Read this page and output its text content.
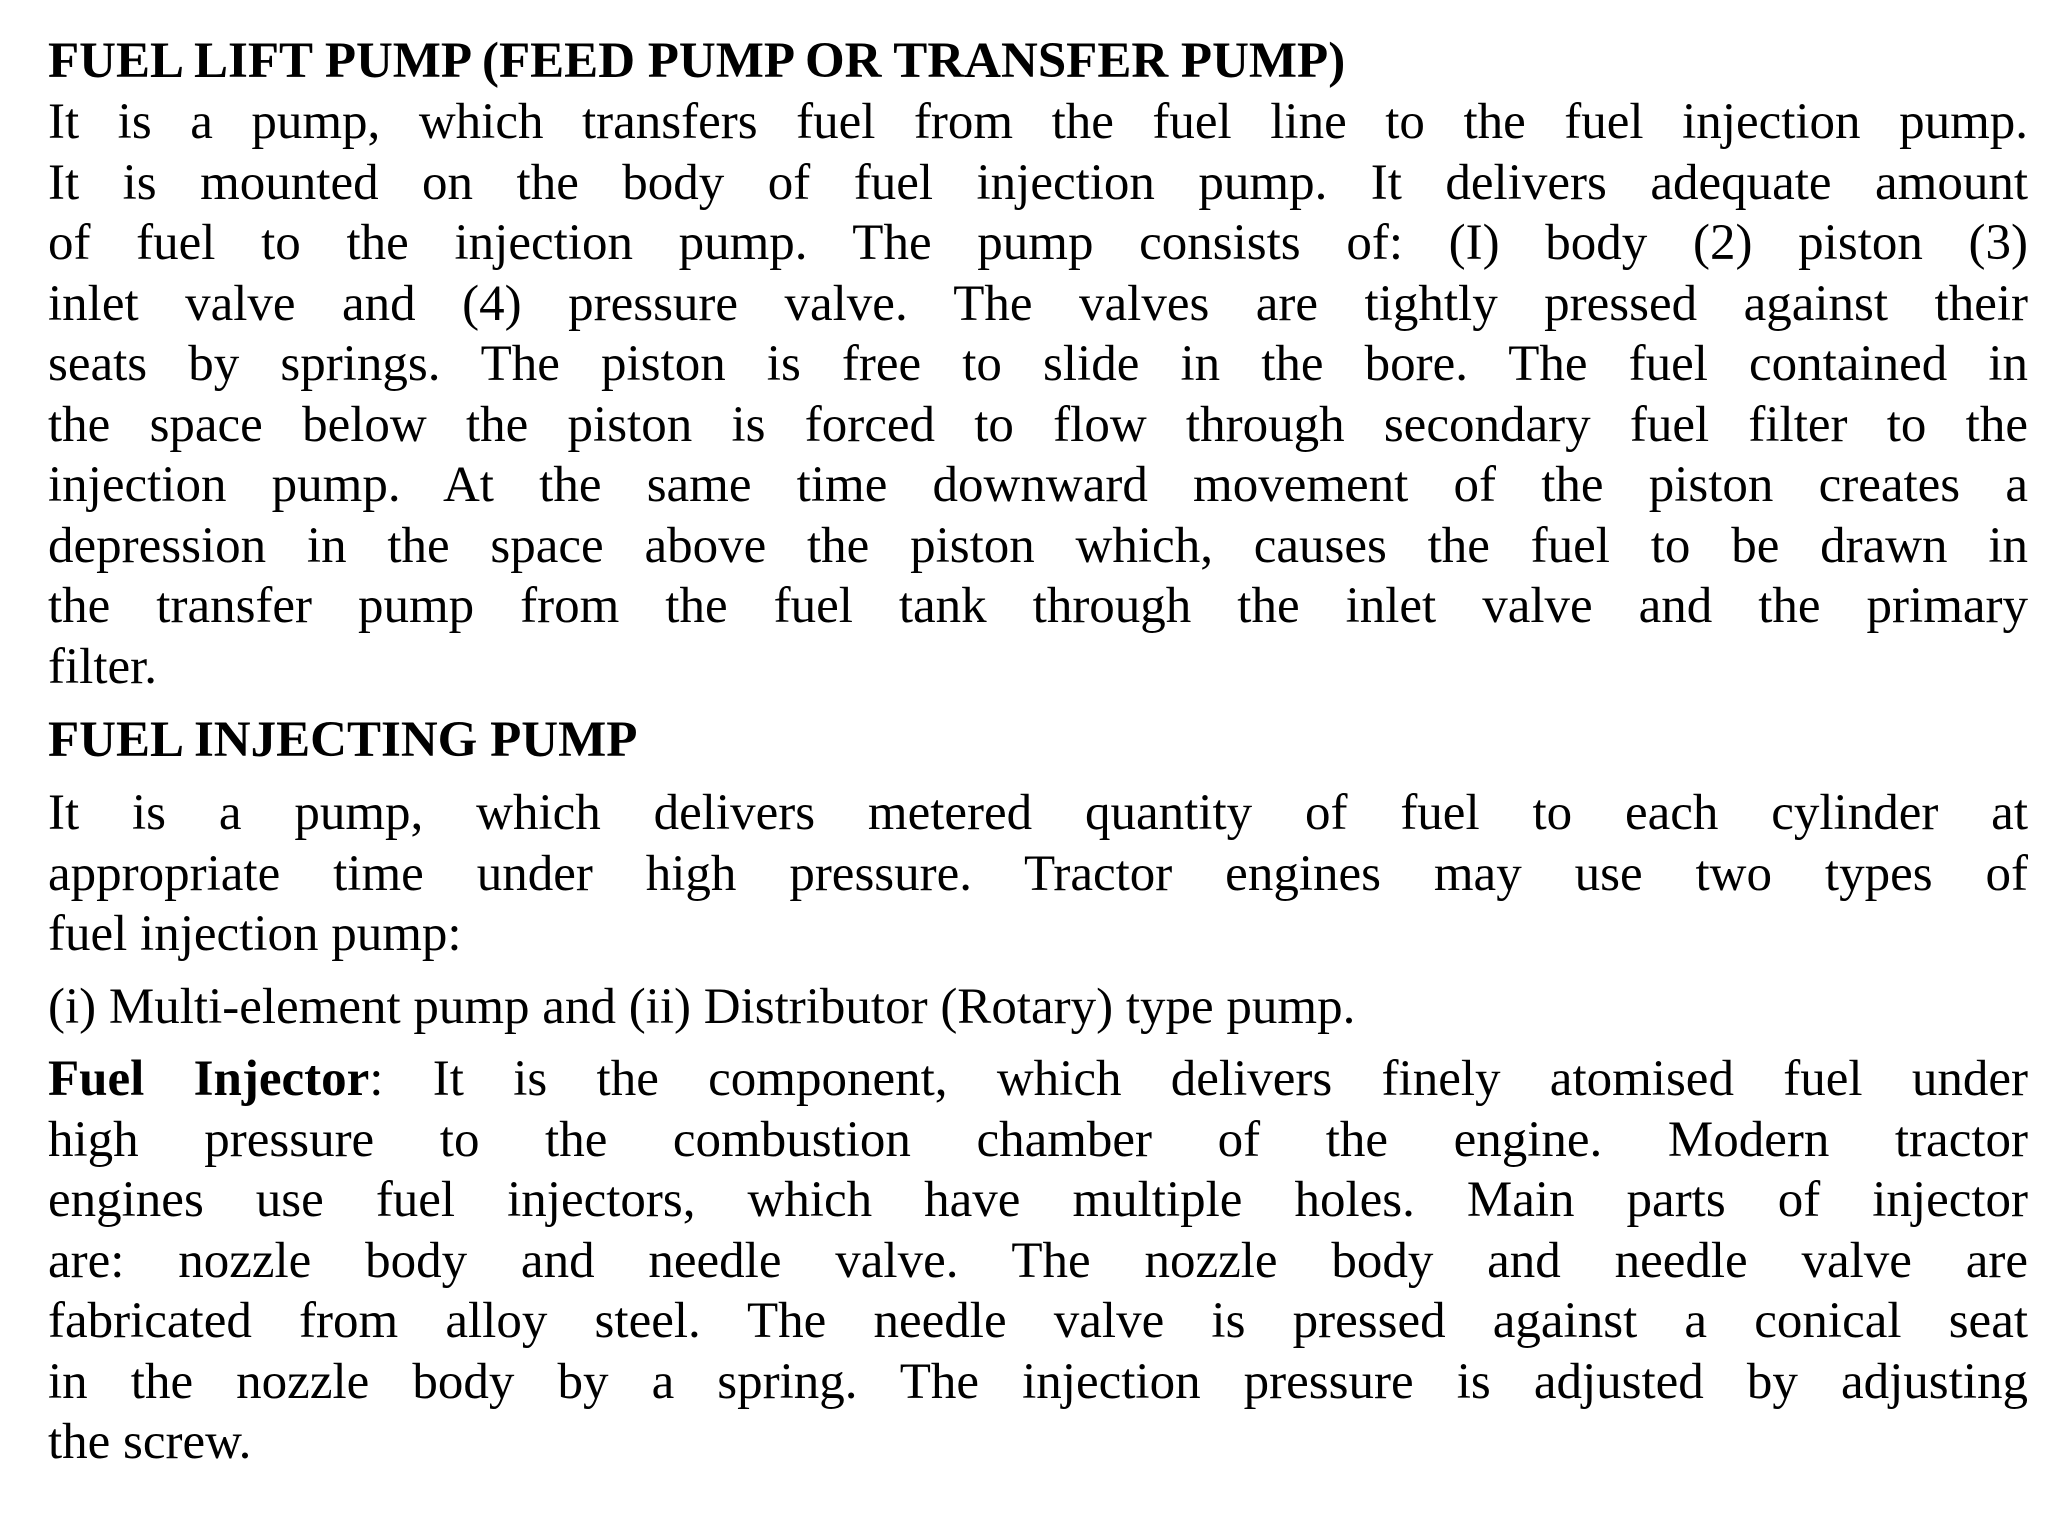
FUEL LIFT PUMP (FEED PUMP OR TRANSFER PUMP)

It is a pump, which transfers fuel from the fuel line to the fuel injection pump.
It is mounted on the body of fuel injection pump. It delivers adequate amount
of fuel to the injection pump. The pump consists of: (I) body (2) piston (3)
inlet valve and (4) pressure valve. The valves are tightly pressed against their
seats by springs. The piston is free to slide in the bore. The fuel contained in
the space below the piston is forced to flow through secondary fuel filter to the
injection pump. At the same time downward movement of the piston creates a
depression in the space above the piston which, causes the fuel to be drawn in
the transfer pump from the fuel tank through the inlet valve and the primary
filter.

FUEL INJECTING PUMP

It is a pump, which delivers metered quantity of fuel to each cylinder at
appropriate time under high pressure. Tractor engines may use two types of
fuel injection pump:

(i) Multi-element pump and (ii) Distributor (Rotary) type pump.

Fuel Injector: It is the component, which delivers finely atomised fuel under
high pressure to the combustion chamber of the engine. Modern tractor
engines use fuel injectors, which have multiple holes. Main parts of injector
are: nozzle body and needle valve. The nozzle body and needle valve are
fabricated from alloy steel. The needle valve is pressed against a conical seat
in the nozzle body by a spring. The injection pressure is adjusted by adjusting
the screw.
